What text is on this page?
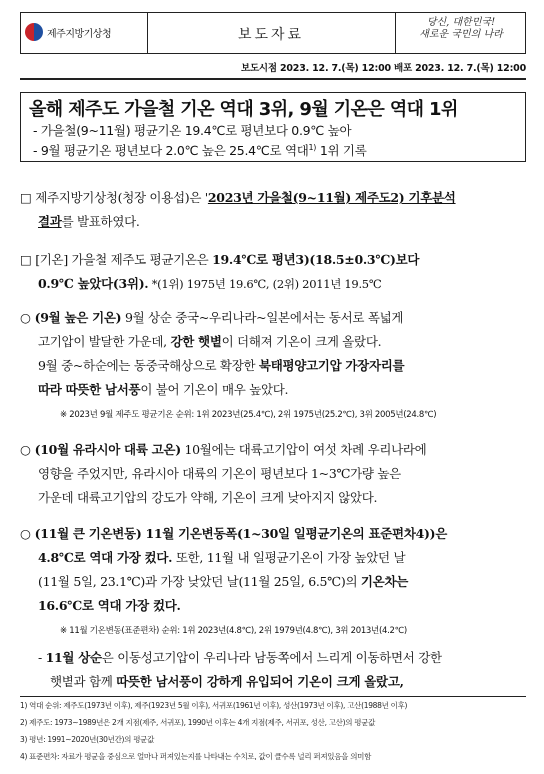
제주지방기상청	보도자료
당신, 대한민국!
새로운 국민의 나라
보도시점 2023. 12. 7.(목) 12:00 배포 2023. 12. 7.(목) 12:00
올해 제주도 가을철 기온 역대 3위, 9월 기온은 역대 1위
- 가을철(9~11월) 평균기온 19.4℃로 평년보다 0.9℃ 높아
- 9월 평균기온 평년보다 2.0℃ 높은 25.4℃로 역대$^{1)}$ 1위 기록
□ 제주지방기상청(청장 이용섭)은 '2023년 가을철(9~11월) 제주도2) 기후분석
결과를 발표하였다.
□ [기온] 가을철 제주도 평균기온은 19.4℃로 평년3)(18.5±0.3℃)보다
0.9℃ 높았다(3위). *(1위) 1975년 19.6℃, (2위) 2011년 19.5℃
○ (9월 높은 기온) 9월 상순 중국~우리나라~일본에서는 동서로 폭넓게
고기압이 발달한 가운데, 강한 햇볕이 더해져 기온이 크게 올랐다.
9월 중~하순에는 동중국해상으로 확장한 북태평양고기압 가장자리를
따라 따뜻한 남서풍이 불어 기온이 매우 높았다.
※ 2023년 9월 제주도 평균기온 순위: 1위 2023년(25.4℃), 2위 1975년(25.2℃), 3위 2005년(24.8℃)
○ (10월 유라시아 대륙 고온) 10월에는 대륙고기압이 여섯 차례 우리나라에
영향을 주었지만, 유라시아 대륙의 기온이 평년보다 1~3℃가량 높은
가운데 대륙고기압의 강도가 약해, 기온이 크게 낮아지지 않았다.
○ (11월 큰 기온변동) 11월 기온변동폭(1~30일 일평균기온의 표준편차4))은
4.8℃로 역대 가장 컸다. 또한, 11월 내 일평균기온이 가장 높았던 날
(11월 5일, 23.1℃)과 가장 낮았던 날(11월 25일, 6.5℃)의 기온차는
16.6℃로 역대 가장 컸다.
※ 11월 기온변동(표준편차) 순위: 1위 2023년(4.8℃), 2위 1979년(4.8℃), 3위 2013년(4.2℃)
- 11월 상순은 이동성고기압이 우리나라 남동쪽에서 느리게 이동하면서 강한
햇볕과 함께 따뜻한 남서풍이 강하게 유입되어 기온이 크게 올랐고,
1) 역대 순위: 제주도(1973년 이후), 제주(1923년 5월 이후), 서귀포(1961년 이후), 성산(1973년 이후), 고산(1988년 이후)
2) 제주도: 1973~1989년은 2개 지점(제주, 서귀포), 1990년 이후는 4개 지점(제주, 서귀포, 성산, 고산)의 평균값
3) 평년: 1991~2020년(30년간)의 평균값
4) 표준편차: 자료가 평균을 중심으로 얼마나 퍼져있는지를 나타내는 수치로, 값이 클수록 널리 퍼져있음을 의미함
